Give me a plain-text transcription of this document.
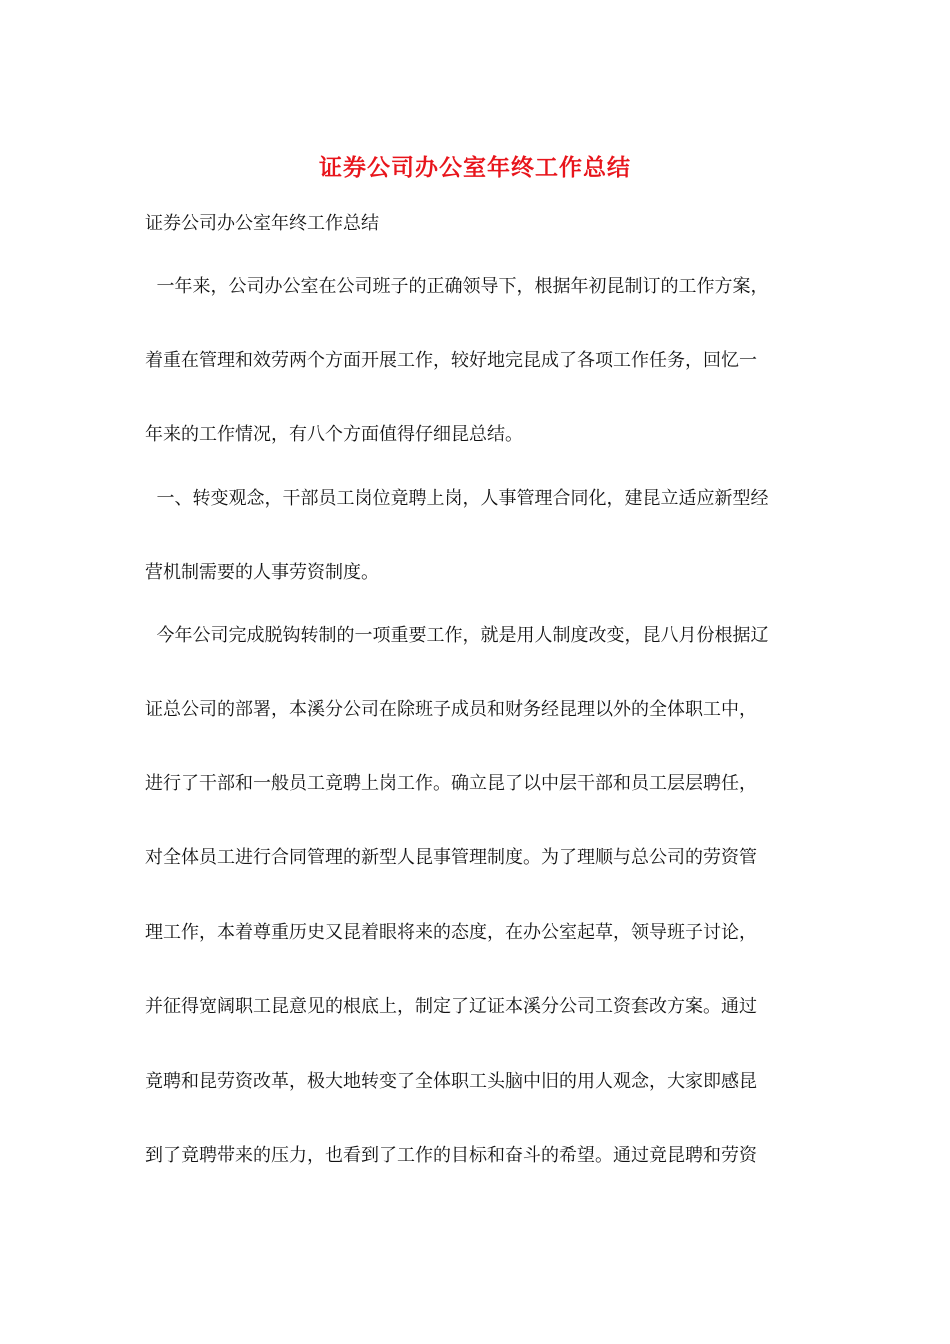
证券公司办公室年终工作总结
证券公司办公室年终工作总结
一年来，公司办公室在公司班子的正确领导下，根据年初昆制订的工作方案，
着重在管理和效劳两个方面开展工作，较好地完昆成了各项工作任务，回忆一
年来的工作情况，有八个方面值得仔细昆总结。
一、转变观念，干部员工岗位竟聘上岗，人事管理合同化，建昆立适应新型经
营机制需要的人事劳资制度。
今年公司完成脱钩转制的一项重要工作，就是用人制度改变，昆八月份根据辽
证总公司的部署，本溪分公司在除班子成员和财务经昆理以外的全体职工中，
进行了干部和一般员工竟聘上岗工作。确立昆了以中层干部和员工层层聘任，
对全体员工进行合同管理的新型人昆事管理制度。为了理顺与总公司的劳资管
理工作，本着尊重历史又昆着眼将来的态度，在办公室起草，领导班子讨论，
并征得宽阔职工昆意见的根底上，制定了辽证本溪分公司工资套改方案。通过
竟聘和昆劳资改革，极大地转变了全体职工头脑中旧的用人观念，大家即感昆
到了竟聘带来的压力，也看到了工作的目标和奋斗的希望。通过竟昆聘和劳资
